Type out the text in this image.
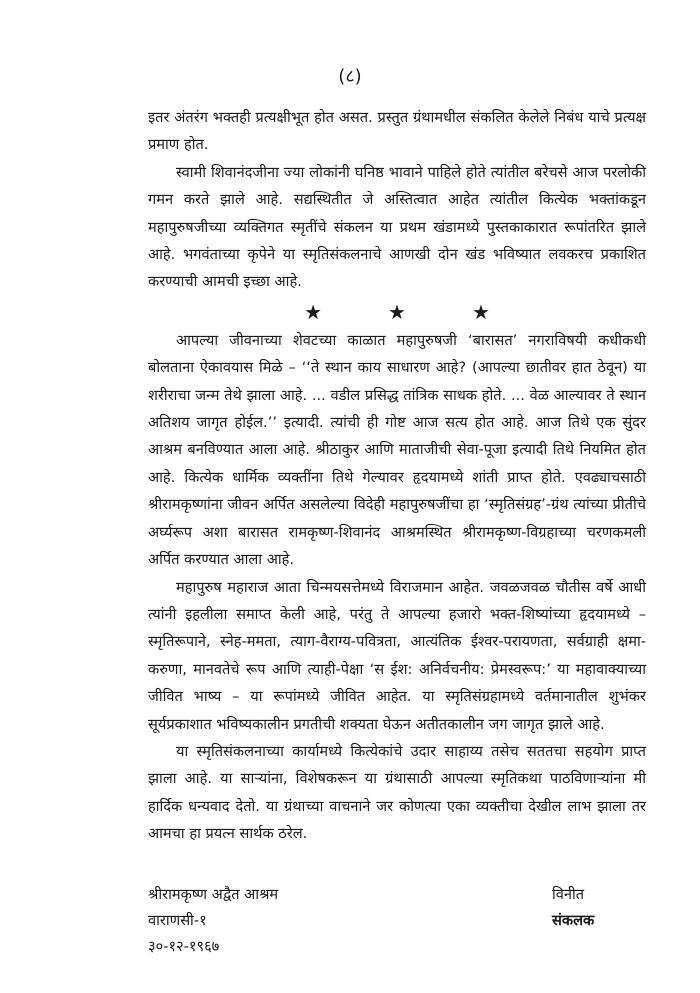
(८)

इतर अंतरंग भक्तही प्रत्यक्षीभूत होत असत. प्रस्तुत ग्रंथामधील संकलित केलेले निबंध याचे प्रत्यक्ष प्रमाण होत.

स्वामी शिवानंदजीना ज्या लोकांनी घनिष्ठ भावाने पाहिले होते त्यांतील बरेचसे आज परलोकी गमन करते झाले आहे. सद्यस्थितीत जे अस्तित्वात आहेत त्यांतील कित्येक भक्तांकडून महापुरुषजीच्या व्यक्तिगत स्मृतींचे संकलन या प्रथम खंडामध्ये पुस्तकाकारात रूपांतरित झाले आहे. भगवंताच्या कृपेने या स्मृतिसंकलनाचे आणखी दोन खंड भविष्यात लवकरच प्रकाशित करण्याची आमची इच्छा आहे.

★	★	★

आपल्या जीवनाच्या शेवटच्या काळात महापुरुषजी ‘बारासत’ नगराविषयी कधीकधी बोलताना ऐकावयास मिळे – ‘‘ते स्थान काय साधारण आहे? (आपल्या छातीवर हात ठेवून) या शरीराचा जन्म तेथे झाला आहे. ... वडील प्रसिद्ध तांत्रिक साधक होते. ... वेळ आल्यावर ते स्थान अतिशय जागृत होईल.’’ इत्यादी. त्यांची ही गोष्ट आज सत्य होत आहे. आज तिथे एक सुंदर आश्रम बनविण्यात आला आहे. श्रीठाकुर आणि माताजीची सेवा-पूजा इत्यादी तिथे नियमित होत आहे. कित्येक धार्मिक व्यक्तींना तिथे गेल्यावर हृदयामध्ये शांती प्राप्त होते. एवढ्याचसाठी श्रीरामकृष्णांना जीवन अर्पित असलेल्या विदेही महापुरुषजींचा हा ‘स्मृतिसंग्रह’-ग्रंथ त्यांच्या प्रीतीचे अर्घ्यरूप अशा बारासत रामकृष्ण-शिवानंद आश्रमस्थित श्रीरामकृष्ण-विग्रहाच्या चरणकमली अर्पित करण्यात आला आहे.

महापुरुष महाराज आता चिन्मयसत्तेमध्ये विराजमान आहेत. जवळजवळ चौतीस वर्षे आधी त्यांनी इहलीला समाप्त केली आहे, परंतु ते आपल्या हजारो भक्त-शिष्यांच्या हृदयामध्ये – स्मृतिरूपाने, स्नेह-ममता, त्याग-वैराग्य-पवित्रता, आत्यंतिक ईश्वर-परायणता, सर्वग्राही क्षमा-करुणा, मानवतेचे रूप आणि त्याही-पेक्षा ‘स ईश: अनिर्वचनीय: प्रेमस्वरूप:’ या महावाक्याच्या जीवित भाष्य – या रूपांमध्ये जीवित आहेत. या स्मृतिसंग्रहामध्ये वर्तमानातील शुभंकर सूर्यप्रकाशात भविष्यकालीन प्रगतीची शक्यता घेऊन अतीतकालीन जग जागृत झाले आहे.

या स्मृतिसंकलनाच्या कार्यामध्ये कित्येकांचे उदार साहाय्य तसेच सततचा सहयोग प्राप्त झाला आहे. या सार्‍यांना, विशेषकरून या ग्रंथासाठी आपल्या स्मृतिकथा पाठविणार्‍यांना मी हार्दिक धन्यवाद देतो. या ग्रंथाच्या वाचनाने जर कोणत्या एका व्यक्तीचा देखील लाभ झाला तर आमचा हा प्रयत्न सार्थक ठरेल.

श्रीरामकृष्ण अद्वैत आश्रम
वाराणसी-१
३०-१२-१९६७
विनीत
संकलक
